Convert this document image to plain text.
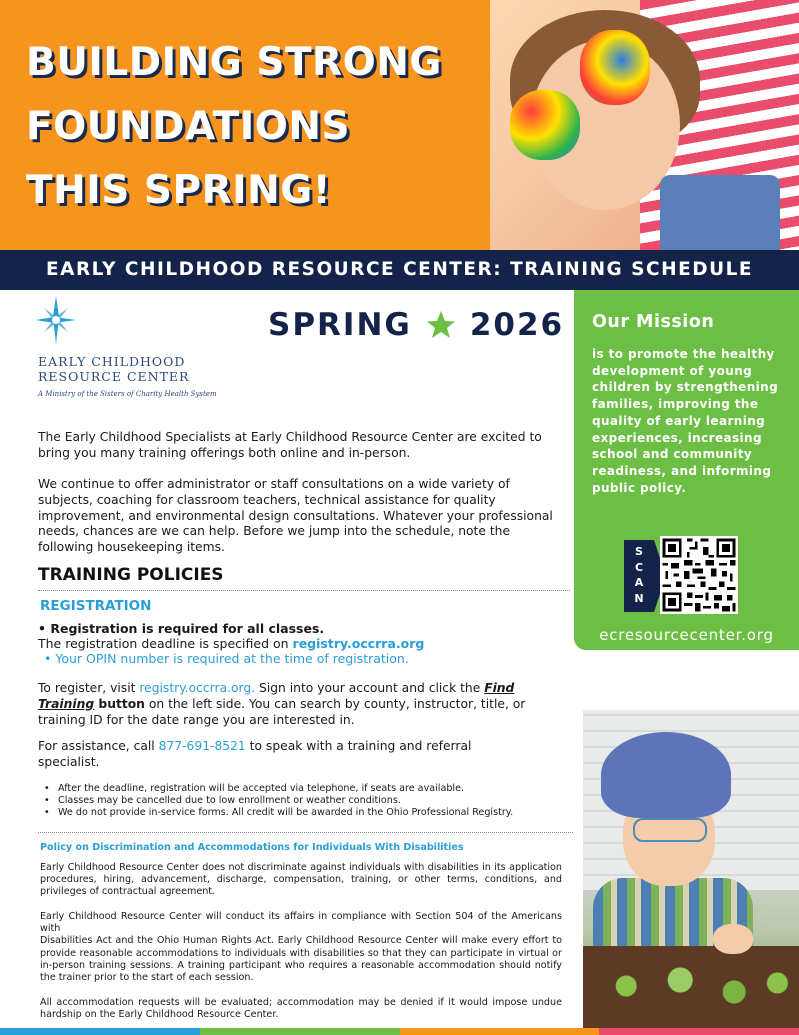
BUILDING STRONG
FOUNDATIONS
THIS SPRING!
EARLY CHILDHOOD RESOURCE CENTER: TRAINING SCHEDULE
EARLY CHILDHOOD
RESOURCE CENTER
A Ministry of the Sisters of Charity Health System
SPRING 2026 Our Mission
is to promote the healthy development of young children by strengthening families, improving the quality of early learning experiences, increasing school and community readiness, and informing public policy.
S
C
A
N
ecresourcecenter.org
The Early Childhood Specialists at Early Childhood Resource Center are excited to bring you many training offerings both online and in-person.
We continue to offer administrator or staff consultations on a wide variety of subjects, coaching for classroom teachers, technical assistance for quality improvement, and environmental design consultations. Whatever your professional needs, chances are we can help. Before we jump into the schedule, note the following housekeeping items.
TRAINING POLICIES
REGISTRATION
• Registration is required for all classes.
The registration deadline is specified on registry.occrra.org
• Your OPIN number is required at the time of registration.
To register, visit registry.occrra.org. Sign into your account and click the Find Training button on the left side. You can search by county, instructor, title, or training ID for the date range you are interested in.
For assistance, call 877-691-8521 to speak with a training and referral specialist.
• After the deadline, registration will be accepted via telephone, if seats are available.
• Classes may be cancelled due to low enrollment or weather conditions.
• We do not provide in-service forms. All credit will be awarded in the Ohio Professional Registry.
Policy on Discrimination and Accommodations for Individuals With Disabilities
Early Childhood Resource Center does not discriminate against individuals with disabilities in its application procedures, hiring, advancement, discharge, compensation, training, or other terms, conditions, and privileges of contractual agreement.
Early Childhood Resource Center will conduct its affairs in compliance with Section 504 of the Americans with
Disabilities Act and the Ohio Human Rights Act. Early Childhood Resource Center will make every effort to provide reasonable accommodations to individuals with disabilities so that they can participate in virtual or in-person training sessions. A training participant who requires a reasonable accommodation should notify the trainer prior to the start of each session.
All accommodation requests will be evaluated; accommodation may be denied if it would impose undue hardship on the Early Childhood Resource Center.
